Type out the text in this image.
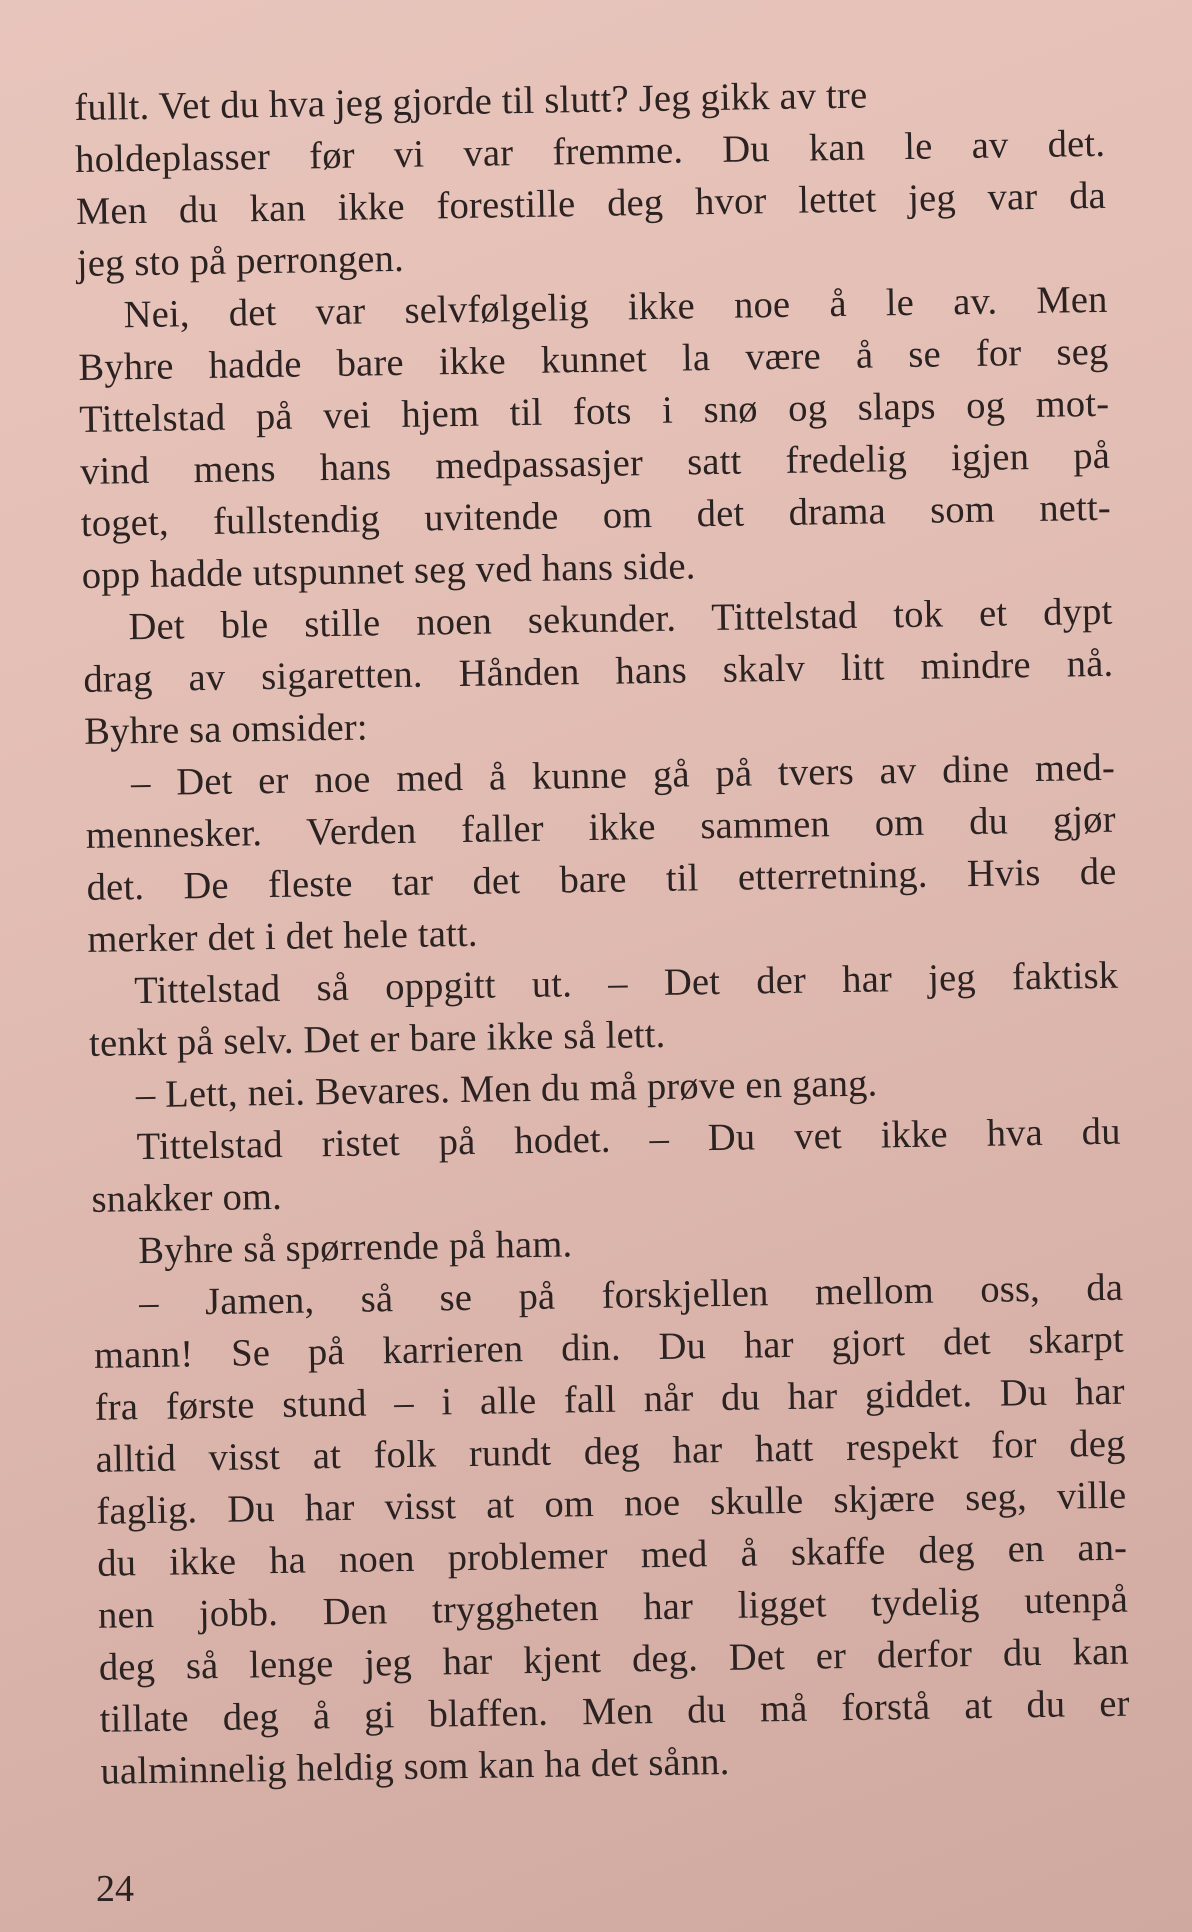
fullt. Vet du hva jeg gjorde til slutt? Jeg gikk av tre
holdeplasser før vi var fremme. Du kan le av det.
Men du kan ikke forestille deg hvor lettet jeg var da
jeg sto på perrongen.
Nei, det var selvfølgelig ikke noe å le av. Men
Byhre hadde bare ikke kunnet la være å se for seg
Tittelstad på vei hjem til fots i snø og slaps og mot-
vind mens hans medpassasjer satt fredelig igjen på
toget, fullstendig uvitende om det drama som nett-
opp hadde utspunnet seg ved hans side.
Det ble stille noen sekunder. Tittelstad tok et dypt
drag av sigaretten. Hånden hans skalv litt mindre nå.
Byhre sa omsider:
– Det er noe med å kunne gå på tvers av dine med-
mennesker. Verden faller ikke sammen om du gjør
det. De fleste tar det bare til etterretning. Hvis de
merker det i det hele tatt.
Tittelstad så oppgitt ut. – Det der har jeg faktisk
tenkt på selv. Det er bare ikke så lett.
– Lett, nei. Bevares. Men du må prøve en gang.
Tittelstad ristet på hodet. – Du vet ikke hva du
snakker om.
Byhre så spørrende på ham.
– Jamen, så se på forskjellen mellom oss, da
mann! Se på karrieren din. Du har gjort det skarpt
fra første stund – i alle fall når du har giddet. Du har
alltid visst at folk rundt deg har hatt respekt for deg
faglig. Du har visst at om noe skulle skjære seg, ville
du ikke ha noen problemer med å skaffe deg en an-
nen jobb. Den tryggheten har ligget tydelig utenpå
deg så lenge jeg har kjent deg. Det er derfor du kan
tillate deg å gi blaffen. Men du må forstå at du er
ualminnelig heldig som kan ha det sånn.
24
